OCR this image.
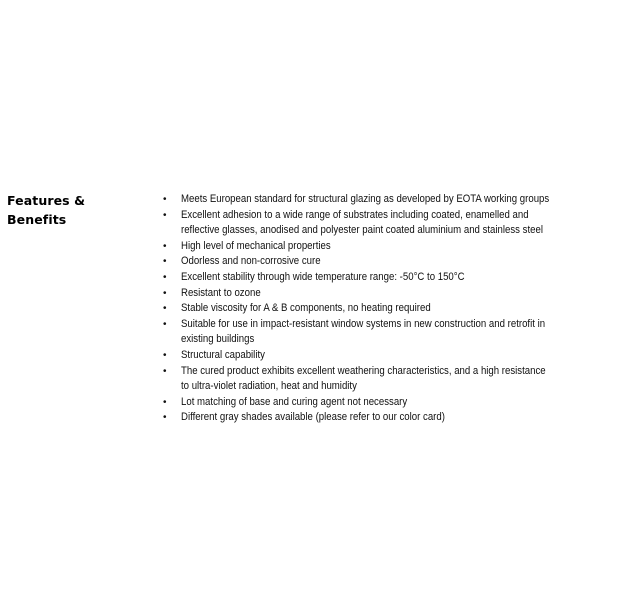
Features &
Benefits
•	Meets European standard for structural glazing as developed by EOTA working groups
•	Excellent adhesion to a wide range of substrates including coated, enamelled and
reflective glasses, anodised and polyester paint coated aluminium and stainless steel
•	High level of mechanical properties
•	Odorless and non-corrosive cure
•	Excellent stability through wide temperature range: -50°C to 150°C
•	Resistant to ozone
•	Stable viscosity for A & B components, no heating required
•	Suitable for use in impact-resistant window systems in new construction and retrofit in
existing buildings
•	Structural capability
•	The cured product exhibits excellent weathering characteristics, and a high resistance
to ultra-violet radiation, heat and humidity
•	Lot matching of base and curing agent not necessary
•	Different gray shades available (please refer to our color card)
